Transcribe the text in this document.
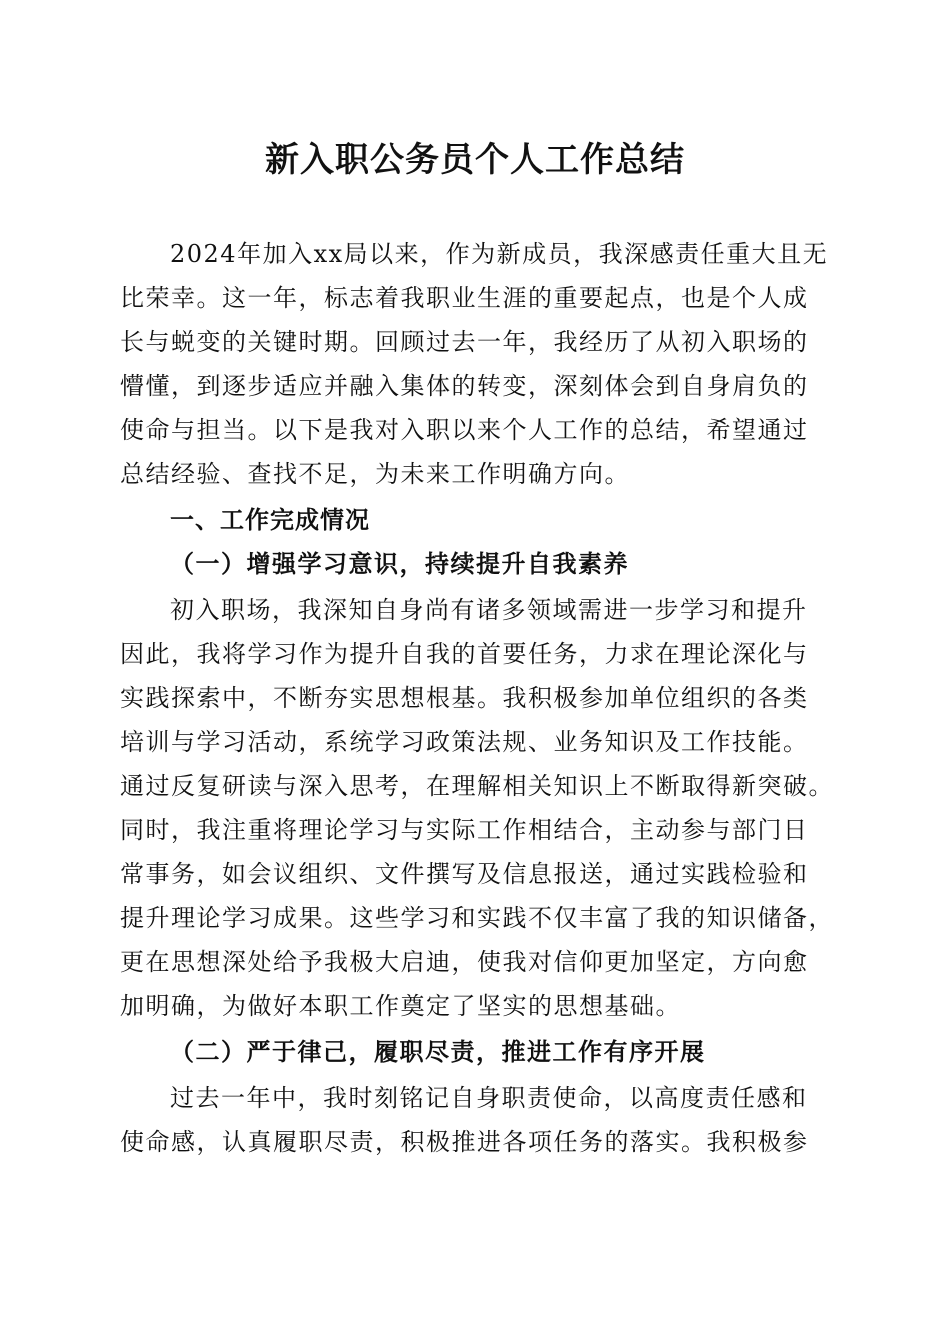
新入职公务员个人工作总结
2024年加入xx局以来，作为新成员，我深感责任重大且无
比荣幸。这一年，标志着我职业生涯的重要起点，也是个人成
长与蜕变的关键时期。回顾过去一年，我经历了从初入职场的
懵懂，到逐步适应并融入集体的转变，深刻体会到自身肩负的
使命与担当。以下是我对入职以来个人工作的总结，希望通过
总结经验、查找不足，为未来工作明确方向。
一、工作完成情况
（一）增强学习意识，持续提升自我素养
初入职场，我深知自身尚有诸多领域需进一步学习和提升
因此，我将学习作为提升自我的首要任务，力求在理论深化与
实践探索中，不断夯实思想根基。我积极参加单位组织的各类
培训与学习活动，系统学习政策法规、业务知识及工作技能。
通过反复研读与深入思考，在理解相关知识上不断取得新突破。
同时，我注重将理论学习与实际工作相结合，主动参与部门日
常事务，如会议组织、文件撰写及信息报送，通过实践检验和
提升理论学习成果。这些学习和实践不仅丰富了我的知识储备，
更在思想深处给予我极大启迪，使我对信仰更加坚定，方向愈
加明确，为做好本职工作奠定了坚实的思想基础。
（二）严于律己，履职尽责，推进工作有序开展
过去一年中，我时刻铭记自身职责使命，以高度责任感和
使命感，认真履职尽责，积极推进各项任务的落实。我积极参
